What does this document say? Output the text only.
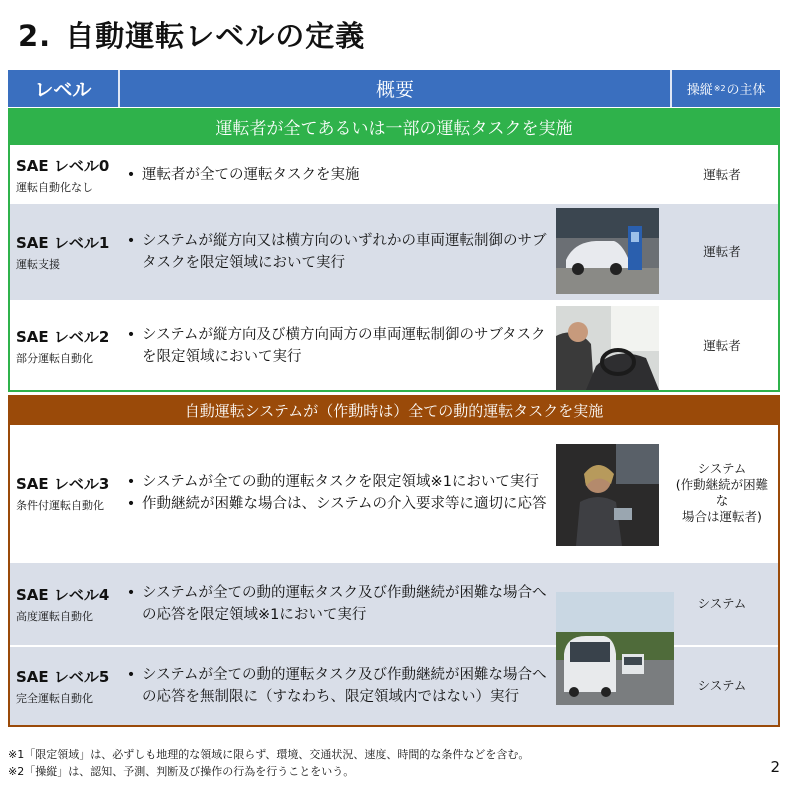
2. 自動運転レベルの定義
レベル	概要	操縦 ※2 の主体
運転者が全てあるいは一部の運転タスクを実施
自動運転システムが（作動時は）全ての動的運転タスクを実施
SAE レベル0
運転自動化なし
• 運転者が全ての運転タスクを実施	運転者
SAE レベル1
運転支援
• システムが縦方向又は横方向のいずれかの車両運転制御のサブタスクを限定領域において実行
運転者
SAE レベル2
部分運転自動化
• システムが縦方向及び横方向両方の車両運転制御のサブタスクを限定領域において実行
運転者
SAE レベル3
条件付運転自動化
• システムが全ての動的運転タスクを限定領域※1において実行
• 作動継続が困難な場合は、システムの介入要求等に適切に応答
システム
(作動継続が困難な
場合は運転者)
SAE レベル4
高度運転自動化
• システムが全ての動的運転タスク及び作動継続が困難な場合への応答を限定領域※1において実行
システム
SAE レベル5
完全運転自動化
• システムが全ての動的運転タスク及び作動継続が困難な場合への応答を無制限に（すなわち、限定領域内ではない）実行
システム
※1「限定領域」は、必ずしも地理的な領域に限らず、環境、交通状況、速度、時間的な条件などを含む。
※2「操縦」は、認知、予測、判断及び操作の行為を行うことをいう。	2
